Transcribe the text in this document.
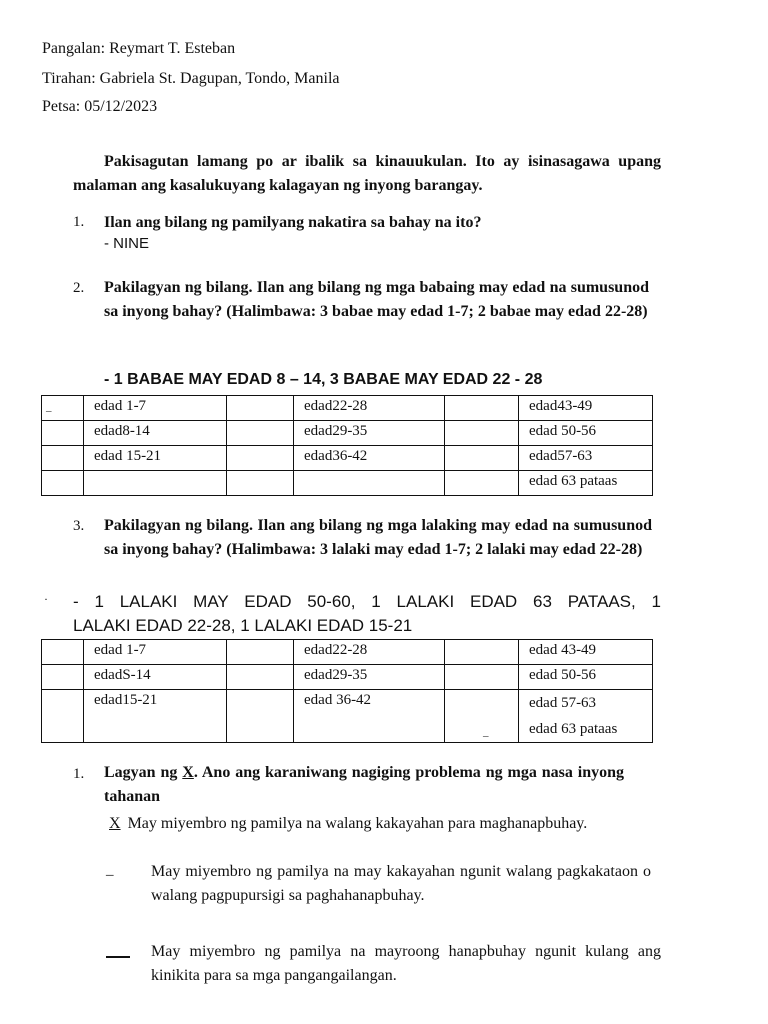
Pangalan: Reymart T. Esteban
Tirahan: Gabriela St. Dagupan, Tondo, Manila
Petsa: 05/12/2023
Pakisagutan lamang po ar ibalik sa kinauukulan. Ito ay isinasagawa upang malaman ang kasalukuyang kalagayan ng inyong barangay.
1. Ilan ang bilang ng pamilyang nakatira sa bahay na ito?
- NINE
2. Pakilagyan ng bilang. Ilan ang bilang ng mga babaing may edad na sumusunod sa inyong bahay? (Halimbawa: 3 babae may edad 1-7; 2 babae may edad 22-28)
- 1 BABAE MAY EDAD 8 – 14, 3 BABAE MAY EDAD 22 - 28
	edad 1-7		edad22-28		edad43-49
	edad8-14		edad29-35		edad 50-56
	edad 15-21		edad36-42		edad57-63
					edad 63 pataas
_
3. Pakilagyan ng bilang. Ilan ang bilang ng mga lalaking may edad na sumusunod sa inyong bahay? (Halimbawa: 3 lalaki may edad 1-7; 2 lalaki may edad 22-28)
· - 1 LALAKI MAY EDAD 50-60, 1 LALAKI EDAD 63 PATAAS, 1
LALAKI EDAD 22-28, 1 LALAKI EDAD 15-21
	edad 1-7		edad22-28		edad 43-49
	edadS-14		edad29-35		edad 50-56
	edad15-21		edad 36-42		edad 57-63
edad 63 pataas
_
1. Lagyan ng X. Ano ang karaniwang nagiging problema ng mga nasa inyong tahanan
X May miyembro ng pamilya na walang kakayahan para maghanapbuhay.
_ May miyembro ng pamilya na may kakayahan ngunit walang pagkakataon o walang pagpupursigi sa paghahanapbuhay.
May miyembro ng pamilya na mayroong hanapbuhay ngunit kulang ang kinikita para sa mga pangangailangan.
